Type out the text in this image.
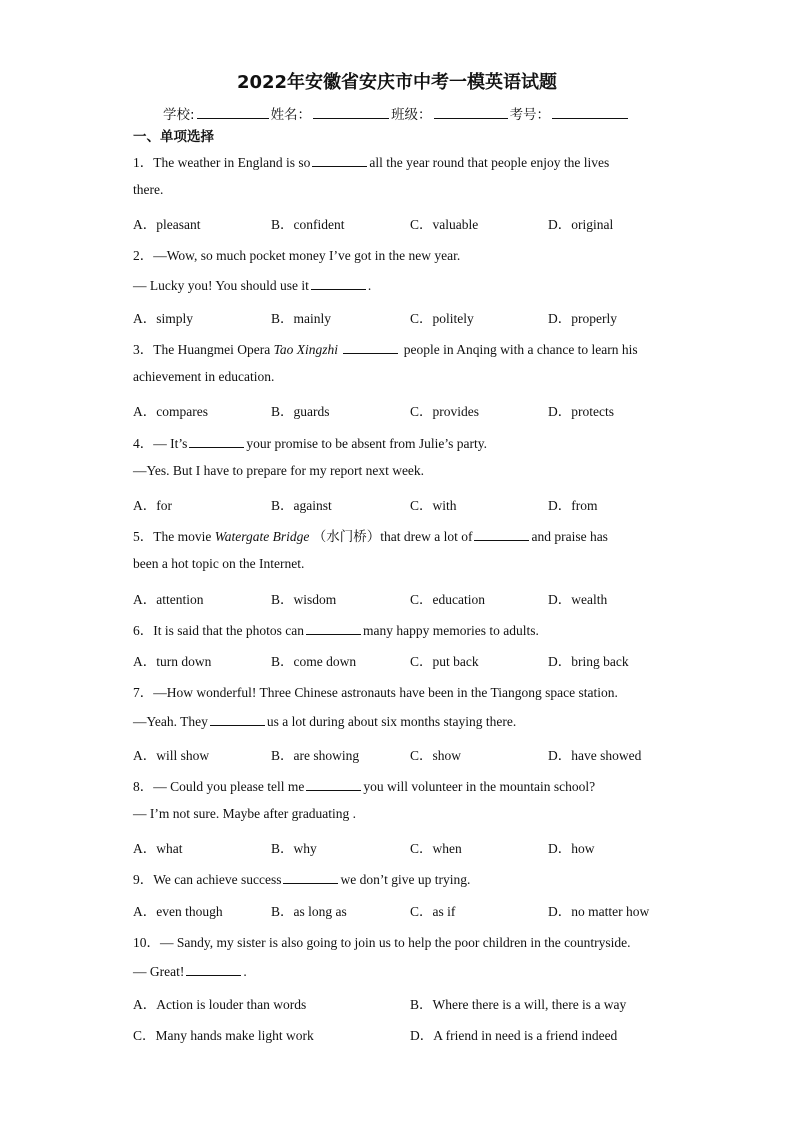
2022年安徽省安庆市中考一模英语试题
学校:	姓名：	班级：	考号：
一、单项选择
1．The weather in England is so	all the year round that people enjoy the lives
there.
A．pleasant	B．confident	C．valuable	D．original
2．—Wow, so much pocket money I’ve got in the new year.
— Lucky you! You should use it	.
A．simply	B．mainly	C．politely	D．properly
3．The Huangmei Opera Tao Xingzhi	people in Anqing with a chance to learn his
achievement in education.
A．compares	B．guards	C．provides	D．protects
4．— It’s	your promise to be absent from Julie’s party.
—Yes. But I have to prepare for my report next week.
A．for	B．against	C．with	D．from
5．The movie Watergate Bridge （水门桥）that drew a lot of	and praise has
been a hot topic on the Internet.
A．attention	B．wisdom	C．education	D．wealth
6．It is said that the photos can	many happy memories to adults.
A．turn down	B．come down	C．put back	D．bring back
7．—How wonderful! Three Chinese astronauts have been in the Tiangong space station.
—Yeah. They	us a lot during about six months staying there.
A．will show	B．are showing	C．show	D．have showed
8．— Could you please tell me	you will volunteer in the mountain school?
— I’m not sure. Maybe after graduating .
A．what	B．why	C．when	D．how
9．We can achieve success	we don’t give up trying.
A．even though	B．as long as	C．as if	D．no matter how
10．— Sandy, my sister is also going to join us to help the poor children in the countryside.
— Great!	.
A．Action is louder than words	B．Where there is a will, there is a way
C．Many hands make light work	D．A friend in need is a friend indeed
